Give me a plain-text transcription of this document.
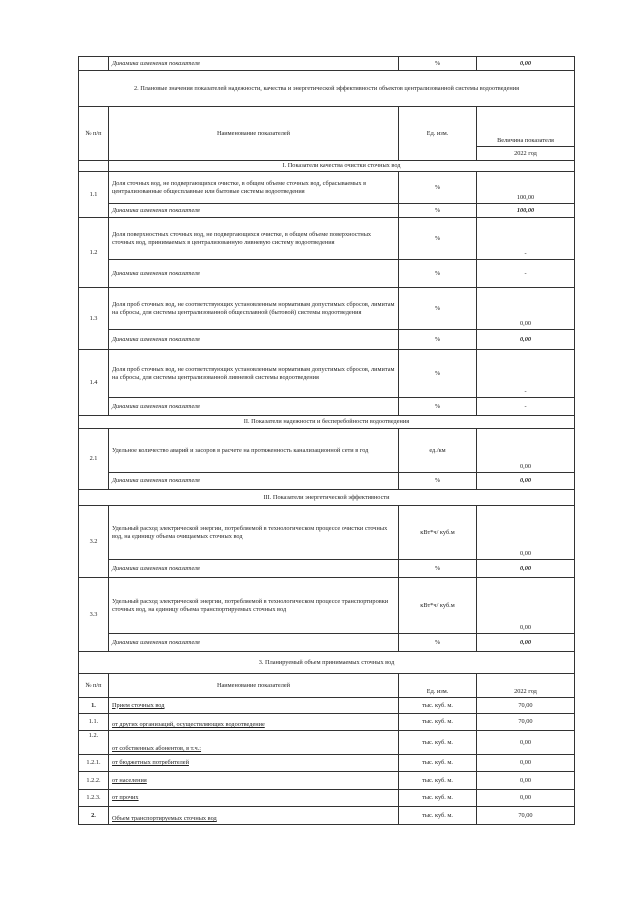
	Динамика изменения показателя	%	0,00
2. Плановые значения показателей надежности, качества и энергетической эффективности объектов централизованной системы водоотведения			
№ п/п	Наименование показателей	Ед. изм.	Величина показателя
			2022 год
	I. Показатели качества очистки сточных вод		
1.1	Доля сточных вод, не подвергающихся очистке, в общем объеме сточных вод, сбрасываемых в централизованные общесплавные или бытовые системы водоотведения	%	100,00
	Динамика изменения показателя	%	100,00
1.2	Доля поверхностных сточных вод, не подвергающихся очистке, в общем объеме поверхностных сточных вод, принимаемых в централизованную ливневую систему водоотведения	%	-
	Динамика изменения показателя	%	-
1.3	Доля проб сточных вод, не соответствующих установленным нормативам допустимых сбросов, лимитам на сбросы, для системы централизованной общесплавной (бытовой) системы водоотведения	%	0,00
	Динамика изменения показателя	%	0,00
1.4	Доля проб сточных вод, не соответствующих установленным нормативам допустимых сбросов, лимитам на сбросы, для системы централизованной ливневой системы водоотведения	%	-
	Динамика изменения показателя	%	-
II. Показатели надежности и бесперебойности водоотведения			
2.1	Удельное количество аварий и засоров в расчете на протяженность канализационной сети в год	ед./км	0,00
	Динамика изменения показателя	%	0,00
III. Показатели энергетической эффективности			
3.2	Удельный расход электрической энергии, потребляемой в технологическом процессе очистки сточных вод, на единицу объема очищаемых сточных вод	кВт*ч/ куб.м	0,00
	Динамика изменения показателя	%	0,00
3.3	Удельный расход электрической энергии, потребляемой в технологическом процессе транспортировки сточных вод, на единицу объема транспортируемых сточных вод	кВт*ч/ куб.м	0,00
	Динамика изменения показателя	%	0,00
3. Планируемый объем принимаемых сточных вод			
№ п/п	Наименование показателей	Ед. изм.	2022 год
1.	Прием сточных вод	тыс. куб. м.	70,00
1.1.	от других организаций, осуществляющих водоотведение	тыс. куб. м.	70,00
1.2.	от собственных абонентов, в т.ч.:	тыс. куб. м.	0,00
1.2.1.	от бюджетных потребителей	тыс. куб. м.	0,00
1.2.2.	от населения	тыс. куб. м.	0,00
1.2.3.	от прочих	тыс. куб. м.	0,00
2.	Объем транспортируемых сточных вод	тыс. куб. м.	70,00
